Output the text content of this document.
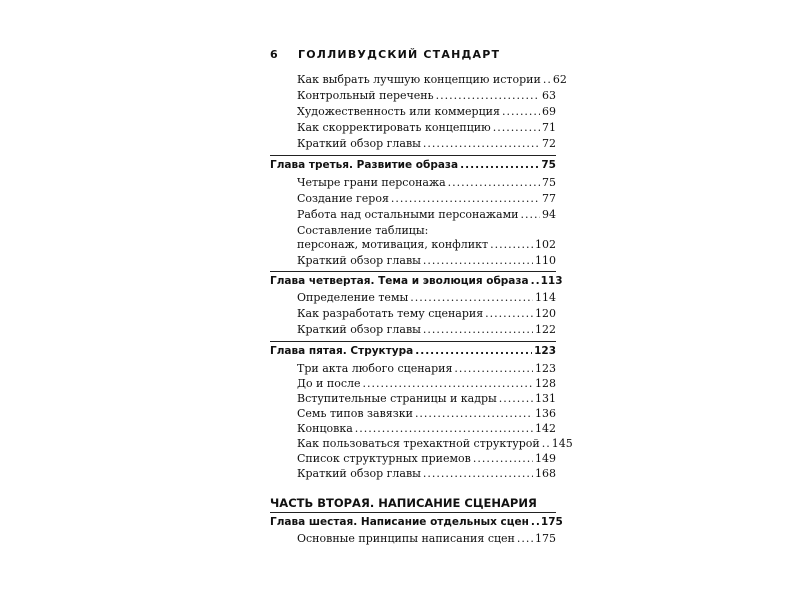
6 ГОЛЛИВУДСКИЙ СТАНДАРТ
Как выбрать лучшую концепцию истории ..... 62
Контрольный перечень .....	63
Художественность или коммерция .....	69
Как скорректировать концепцию .....	71
Краткий обзор главы .....	72
Глава третья. Развитие образа .....	75
Четыре грани персонажа .....	75
Создание героя .....	77
Работа над остальными персонажами ..... 94
Составление таблицы:
персонаж, мотивация, конфликт .....	102
Краткий обзор главы .....	110
Глава четвертая. Тема и эволюция образа ..... 113
Определение темы .....	114
Как разработать тему сценария .....	120
Краткий обзор главы .....	122
Глава пятая. Структура .....	123
Три акта любого сценария .....	123
До и после .....	128
Вступительные страницы и кадры .....	131
Семь типов завязки .....	136
Концовка .....	142
Как пользоваться трехактной структурой ..... 145
Список структурных приемов .....	149
Краткий обзор главы .....	168
ЧАСТЬ ВТОРАЯ. НАПИСАНИЕ СЦЕНАРИЯ
Глава шестая. Написание отдельных сцен ..... 175
Основные принципы написания сцен ..... 175
